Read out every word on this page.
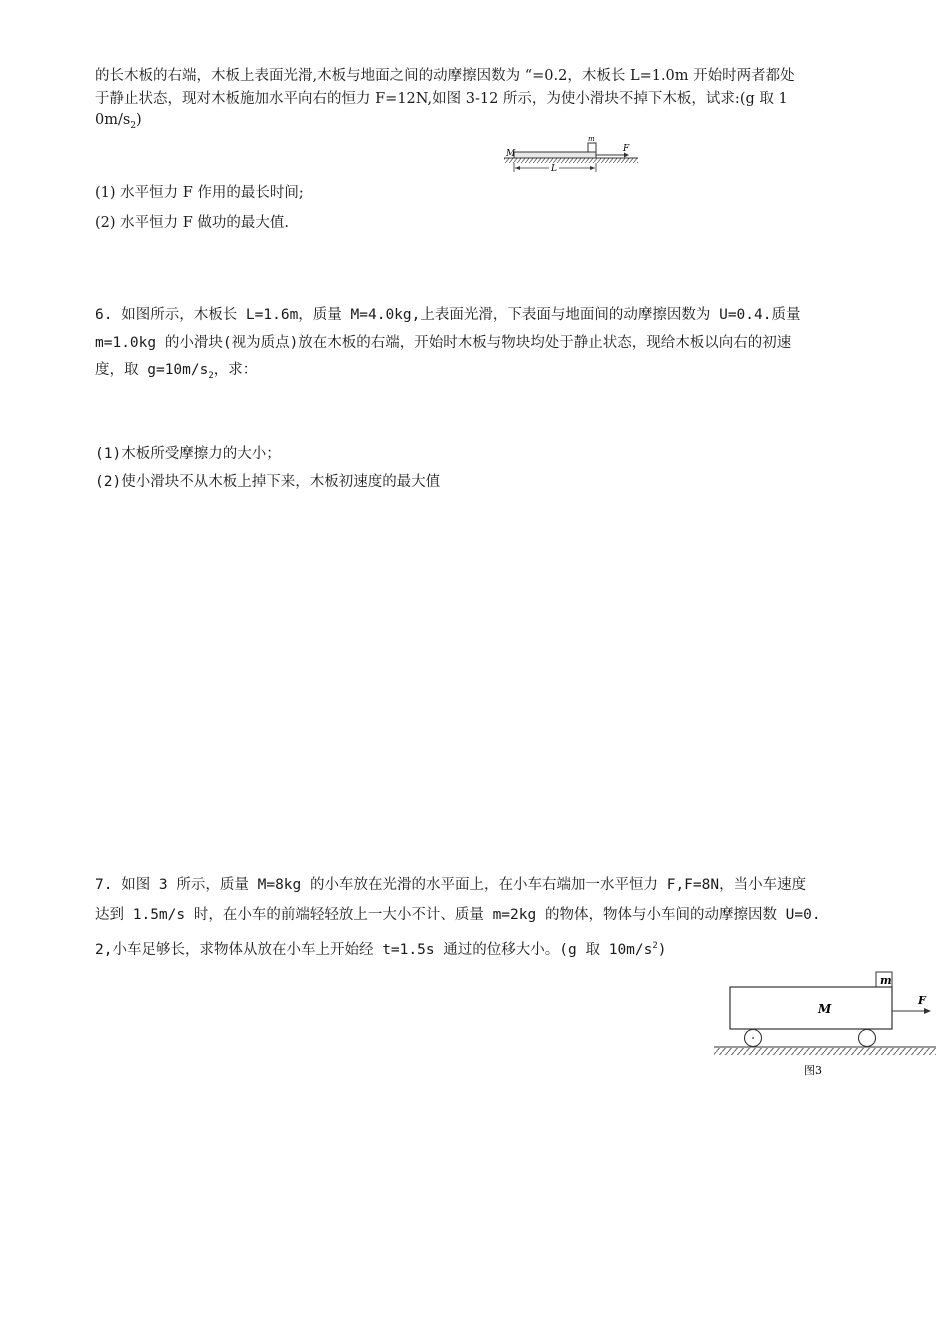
的长木板的右端，木板上表面光滑,木板与地面之间的动摩擦因数为 “=0.2，木板长 L=1.0m 开始时两者都处
于静止状态，现对木板施加水平向右的恒力 F=12N,如图 3-12 所示，为使小滑块不掉下木板，试求:(g 取 1
$0m/s_2$)
M
m
F
L
(1) 水平恒力 F 作用的最长时间;
(2) 水平恒力 F 做功的最大值.
6. 如图所示，木板长 L=1.6m，质量 M=4.0kg,上表面光滑，下表面与地面间的动摩擦因数为 U=0.4.质量
m=1.0kg 的小滑块(视为质点)放在木板的右端，开始时木板与物块均处于静止状态，现给木板以向右的初速
度，取 $g=10m/s_2$，求：
(1)木板所受摩擦力的大小；
(2)使小滑块不从木板上掉下来，木板初速度的最大值
7. 如图 3 所示，质量 M=8kg 的小车放在光滑的水平面上，在小车右端加一水平恒力 F,F=8N，当小车速度
达到 1.5m/s 时，在小车的前端轻轻放上一大小不计、质量 m=2kg 的物体，物体与小车间的动摩擦因数 U=0.
2,小车足够长，求物体从放在小车上开始经 t=1.5s 通过的位移大小。(g 取 $10m/s^2$)
m
M
F
图3
